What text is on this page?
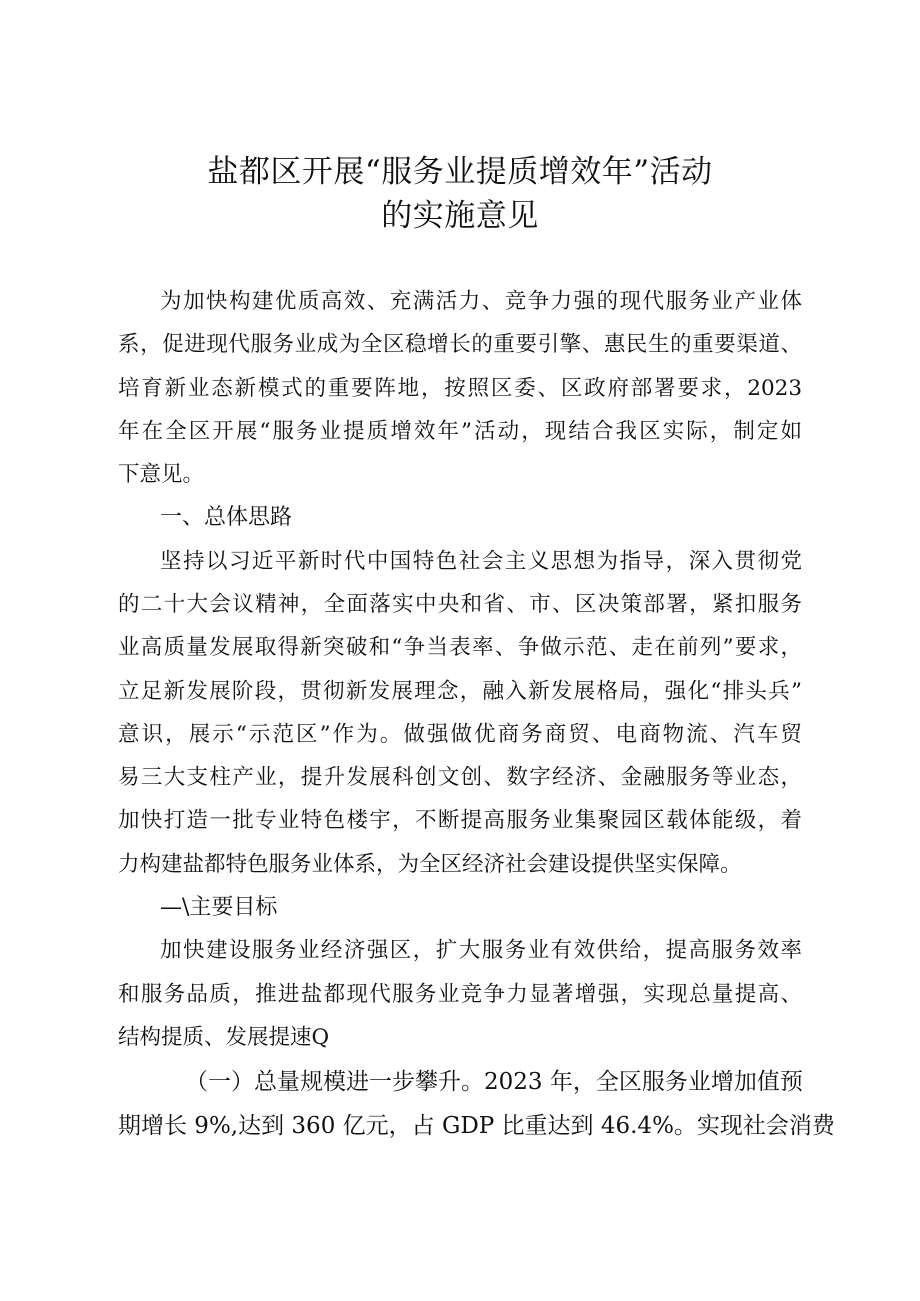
盐都区开展“服务业提质增效年”活动
的实施意见
为加快构建优质高效、充满活力、竞争力强的现代服务业产业体
系，促进现代服务业成为全区稳增长的重要引擎、惠民生的重要渠道、
培育新业态新模式的重要阵地，按照区委、区政府部署要求，2023
年在全区开展“服务业提质增效年”活动，现结合我区实际，制定如
下意见。
一、总体思路
坚持以习近平新时代中国特色社会主义思想为指导，深入贯彻党
的二十大会议精神，全面落实中央和省、市、区决策部署，紧扣服务
业高质量发展取得新突破和“争当表率、争做示范、走在前列”要求，
立足新发展阶段，贯彻新发展理念，融入新发展格局，强化“排头兵”
意识，展示“示范区”作为。做强做优商务商贸、电商物流、汽车贸
易三大支柱产业，提升发展科创文创、数字经济、金融服务等业态，
加快打造一批专业特色楼宇，不断提高服务业集聚园区载体能级，着
力构建盐都特色服务业体系，为全区经济社会建设提供坚实保障。
—\主要目标
加快建设服务业经济强区，扩大服务业有效供给，提高服务效率
和服务品质，推进盐都现代服务业竞争力显著增强，实现总量提高、
结构提质、发展提速Q
（一）总量规模进一步攀升。2023 年，全区服务业增加值预
期增长 9%,达到 360 亿元，占 GDP 比重达到 46.4%。实现社会消费
